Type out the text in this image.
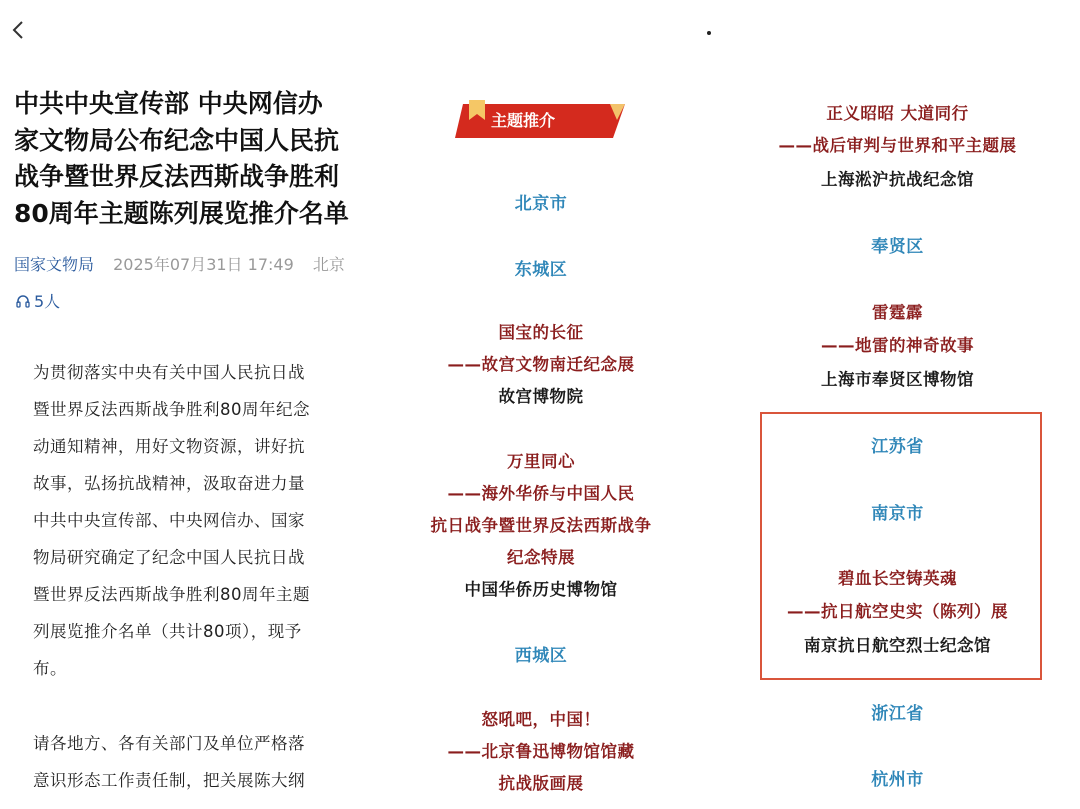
中共中央宣传部 中央网信办
家文物局公布纪念中国人民抗
战争暨世界反法西斯战争胜利
80周年主题陈列展览推介名单
国家文物局 2025年07月31日 17:49 北京
5人
为贯彻落实中央有关中国人民抗日战
暨世界反法西斯战争胜利80周年纪念
动通知精神，用好文物资源，讲好抗
故事，弘扬抗战精神，汲取奋进力量
中共中央宣传部、中央网信办、国家
物局研究确定了纪念中国人民抗日战
暨世界反法西斯战争胜利80周年主题
列展览推介名单（共计80项），现予
布。
请各地方、各有关部门及单位严格落
意识形态工作责任制，把关展陈大纲
主题推介
北京市
东城区
国宝的长征
——故宫文物南迁纪念展
故宫博物院
万里同心
——海外华侨与中国人民
抗日战争暨世界反法西斯战争
纪念特展
中国华侨历史博物馆
西城区
怒吼吧，中国！
——北京鲁迅博物馆馆藏
抗战版画展
正义昭昭 大道同行
——战后审判与世界和平主题展
上海淞沪抗战纪念馆
奉贤区
雷霆霹
——地雷的神奇故事
上海市奉贤区博物馆
江苏省
南京市
碧血长空铸英魂
——抗日航空史实（陈列）展
南京抗日航空烈士纪念馆
浙江省
杭州市
